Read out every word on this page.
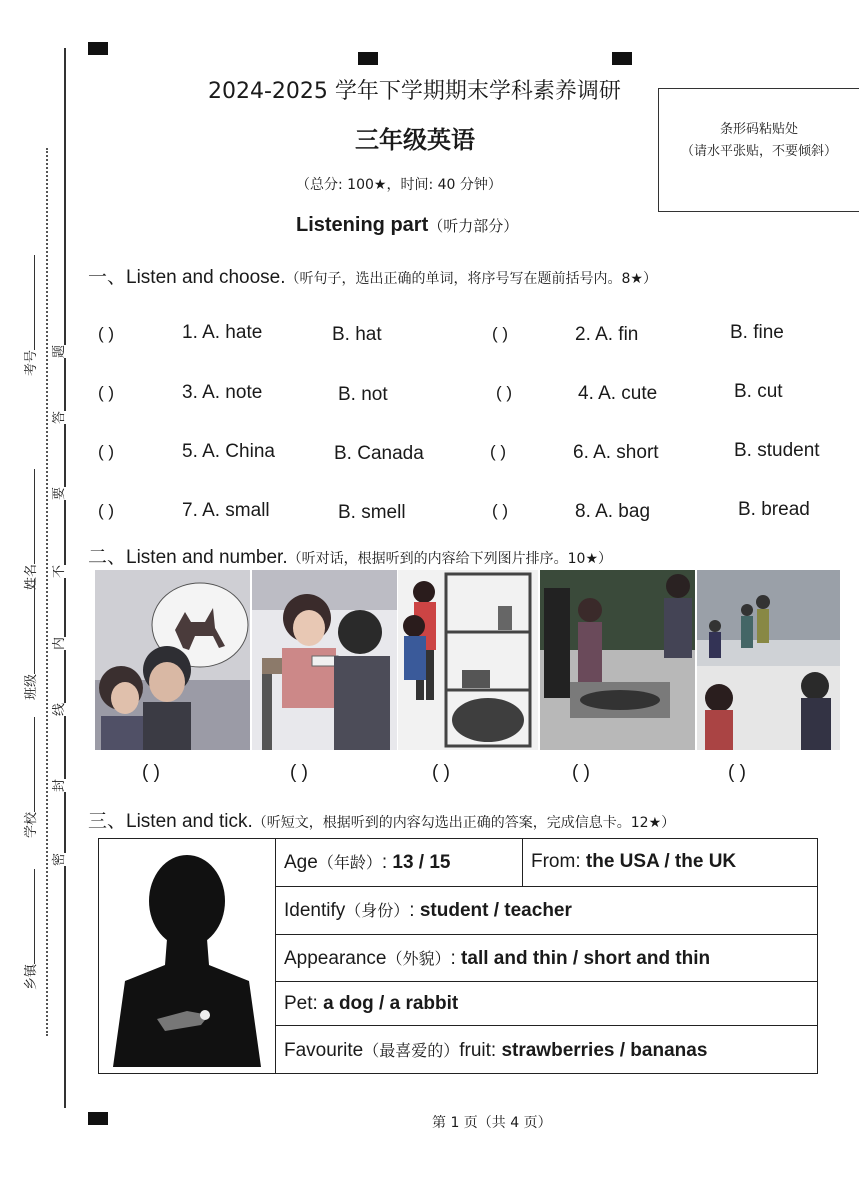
考号
姓名
班级
学校
乡镇
题
答
要
不
内
线
封
密
2024-2025 学年下学期期末学科素养调研
三年级英语
（总分: 100★，时间: 40 分钟）
条形码粘贴处
（请水平张贴，不要倾斜）
Listening part（听力部分）
一、Listen and choose.（听句子，选出正确的单词，将序号写在题前括号内。8★）
( )	1. A. hate	B. hat	( )	2. A. fin	B. fine
( )	3. A. note	B. not	( )	4. A. cute	B. cut
( )	5. A. China	B. Canada	( )	6. A. short	B. student
( )	7. A. small	B. smell	( )	8. A. bag	B. bread
二、Listen and number.（听对话，根据听到的内容给下列图片排序。10★）
( )	( )	( )	( )	( )
三、Listen and tick.（听短文，根据听到的内容勾选出正确的答案，完成信息卡。12★）
	Age（年龄）: 13 / 15	From: the USA / the UK
Identify（身份）: student / teacher
Appearance（外貌）: tall and thin / short and thin
Pet: a dog / a rabbit
Favourite（最喜爱的）fruit: strawberries / bananas
第 1 页（共 4 页）
